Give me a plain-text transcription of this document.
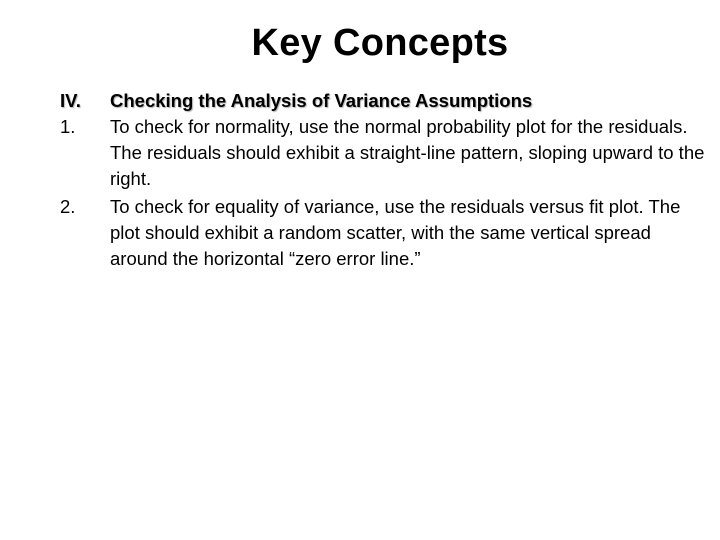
Key Concepts
IV.	Checking the Analysis of Variance Assumptions
1.	To check for normality, use the normal probability plot for the residuals. The residuals should exhibit a straight-line pattern, sloping upward to the right.
2.	To check for equality of variance, use the residuals versus fit plot. The plot should exhibit a random scatter, with the same vertical spread around the horizontal “zero error line.”
